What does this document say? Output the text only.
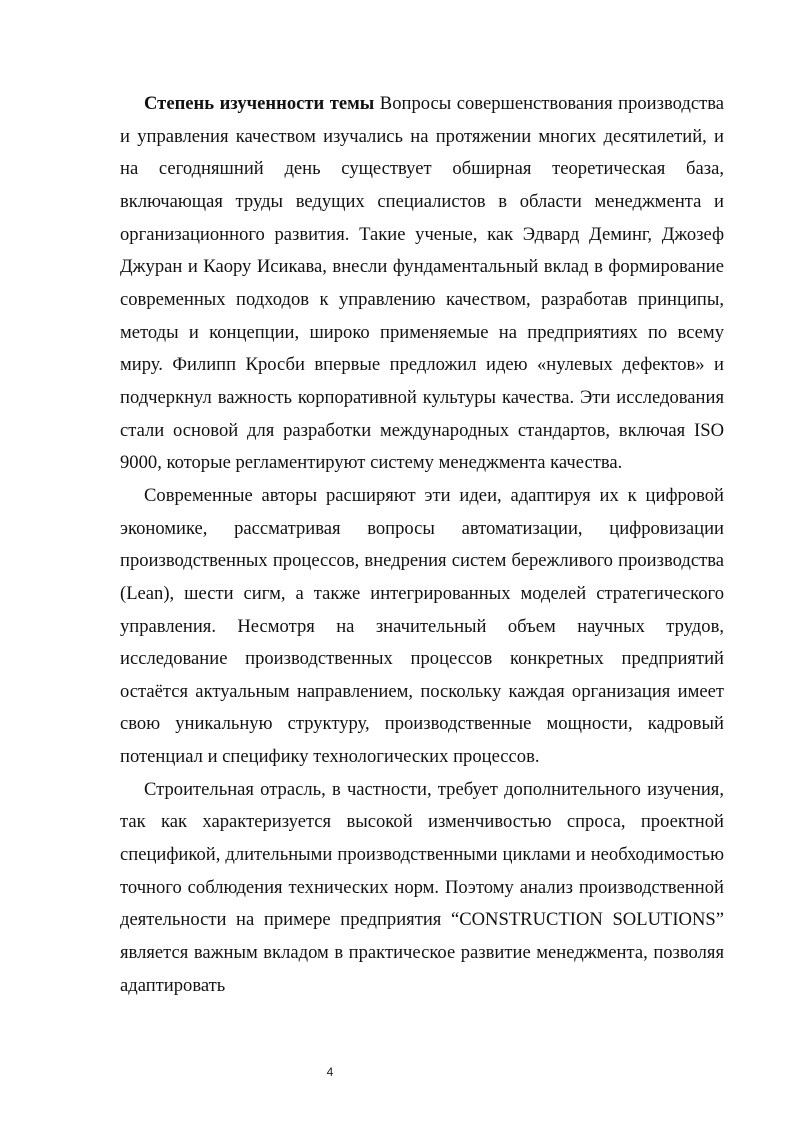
Степень изученности темы Вопросы совершенствования производства и управления качеством изучались на протяжении многих десятилетий, и на сегодняшний день существует обширная теоретическая база, включающая труды ведущих специалистов в области менеджмента и организационного развития. Такие ученые, как Эдвард Деминг, Джозеф Джуран и Каору Исикава, внесли фундаментальный вклад в формирование современных подходов к управлению качеством, разработав принципы, методы и концепции, широко применяемые на предприятиях по всему миру. Филипп Кросби впервые предложил идею «нулевых дефектов» и подчеркнул важность корпоративной культуры качества. Эти исследования стали основой для разработки международных стандартов, включая ISO 9000, которые регламентируют систему менеджмента качества.

Современные авторы расширяют эти идеи, адаптируя их к цифровой экономике, рассматривая вопросы автоматизации, цифровизации производственных процессов, внедрения систем бережливого производства (Lean), шести сигм, а также интегрированных моделей стратегического управления. Несмотря на значительный объем научных трудов, исследование производственных процессов конкретных предприятий остаётся актуальным направлением, поскольку каждая организация имеет свою уникальную структуру, производственные мощности, кадровый потенциал и специфику технологических процессов.

Строительная отрасль, в частности, требует дополнительного изучения, так как характеризуется высокой изменчивостью спроса, проектной спецификой, длительными производственными циклами и необходимостью точного соблюдения технических норм. Поэтому анализ производственной деятельности на примере предприятия “CONSTRUCTION SOLUTIONS” является важным вкладом в практическое развитие менеджмента, позволяя адаптировать

4
